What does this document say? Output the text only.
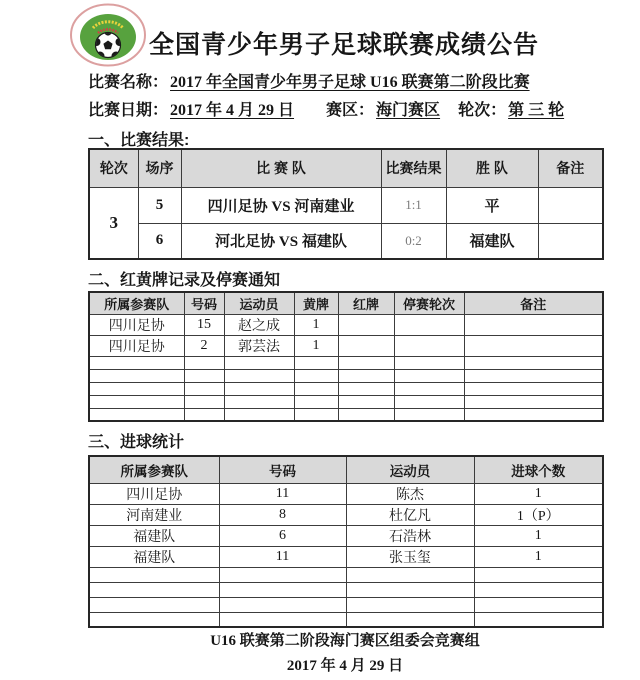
全国青少年男子足球联赛成绩公告
比赛名称： 2017 年全国青少年男子足球 U16 联赛第二阶段比赛
比赛日期： 2017 年 4 月 29 日 赛区： 海门赛区 轮次： 第 三 轮
一、比赛结果:
轮次	场序	比 赛 队	比赛结果	胜 队	备注
3	5	四川足协 VS 河南建业	1:1	平	
	6	河北足协 VS 福建队	0:2	福建队	
二、红黄牌记录及停赛通知
所属参赛队	号码	运动员	黄牌	红牌	停赛轮次	备注
四川足协	15	赵之成	1			
四川足协	2	郭芸法	1			

三、进球统计
所属参赛队	号码	运动员	进球个数
四川足协	11	陈杰	1
河南建业	8	杜亿凡	1（P）
福建队	6	石浩林	1
福建队	11	张玉玺	1

U16 联赛第二阶段海门赛区组委会竞赛组
2017 年 4 月 29 日
